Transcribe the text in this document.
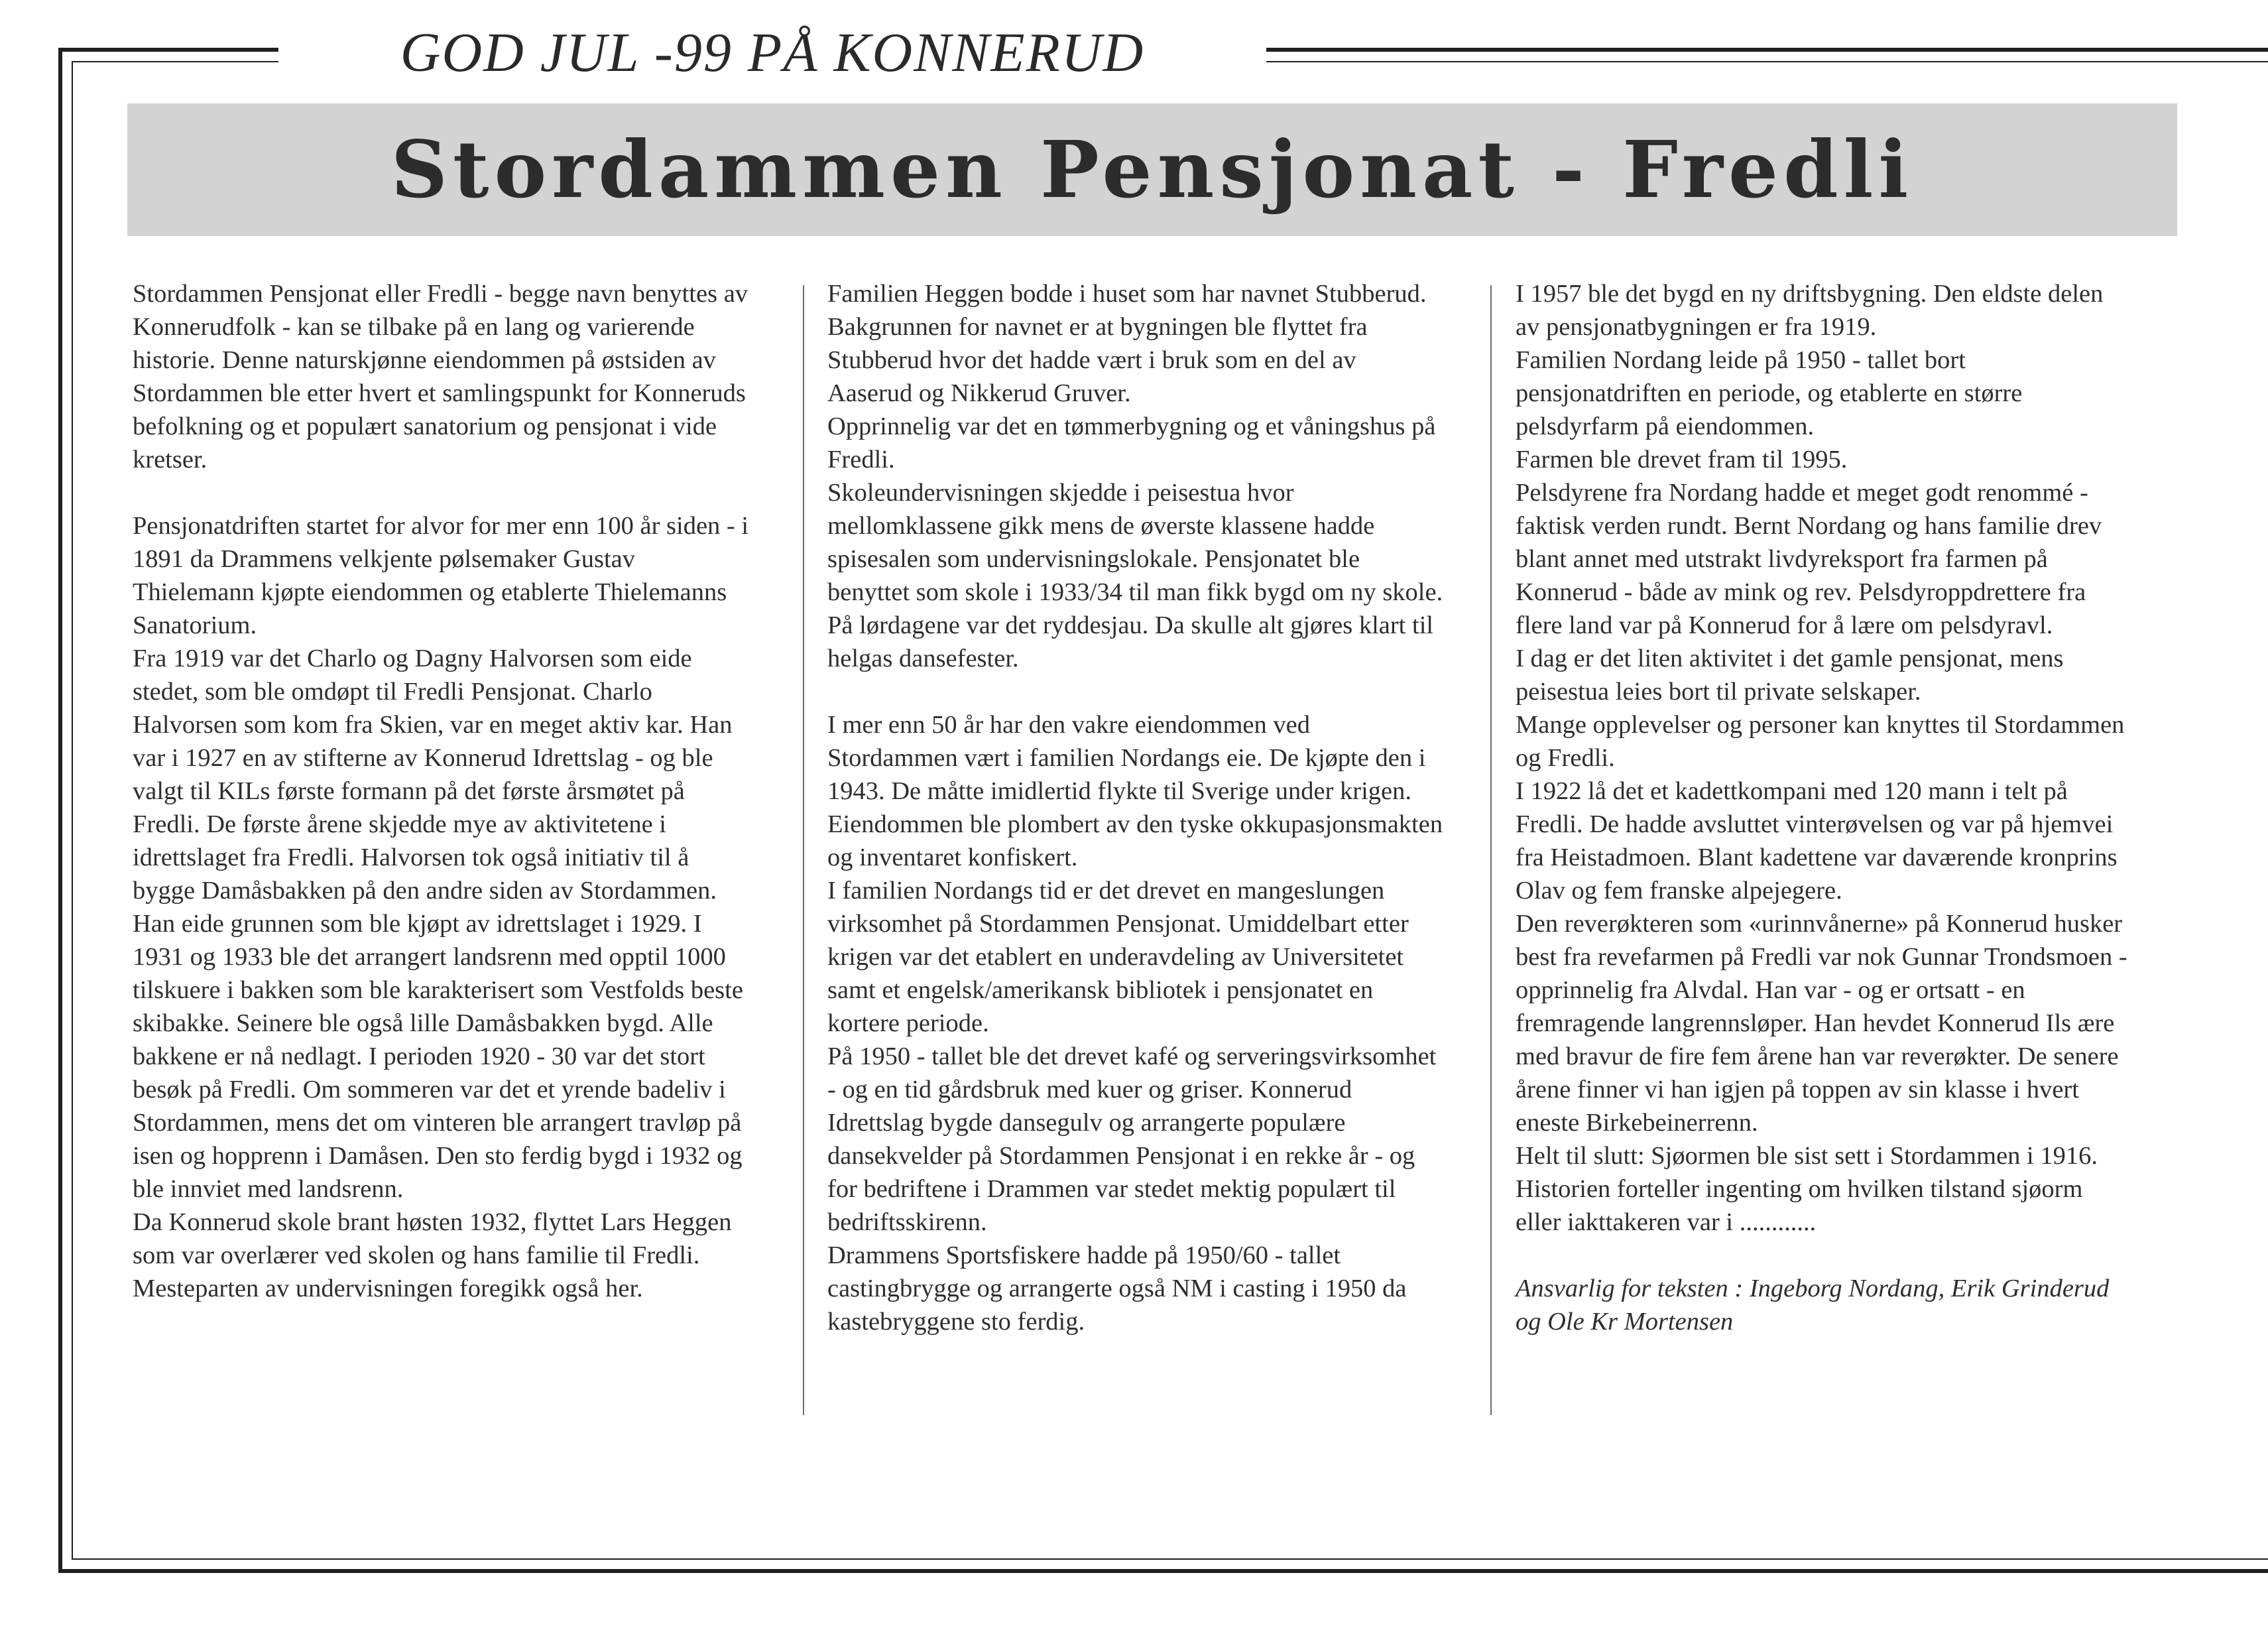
GOD JUL -99 PÅ KONNERUD
Stordammen Pensjonat - Fredli

Stordammen Pensjonat eller Fredli - begge navn benyttes av Konnerudfolk - kan se tilbake på en lang og varierende historie. Denne naturskjønne eiendommen på østsiden av Stordammen ble etter hvert et samlingspunkt for Konneruds befolkning og et populært sanatorium og pensjonat i vide kretser.

Pensjonatdriften startet for alvor for mer enn 100 år siden - i 1891 da Drammens velkjente pølsemaker Gustav Thielemann kjøpte eiendommen og etablerte Thielemanns Sanatorium.

Fra 1919 var det Charlo og Dagny Halvorsen som eide stedet, som ble omdøpt til Fredli Pensjonat. Charlo Halvorsen som kom fra Skien, var en meget aktiv kar. Han var i 1927 en av stifterne av Konnerud Idrettslag - og ble valgt til KILs første formann på det første årsmøtet på Fredli. De første årene skjedde mye av aktivitetene i idrettslaget fra Fredli. Halvorsen tok også initiativ til å bygge Damåsbakken på den andre siden av Stordammen. Han eide grunnen som ble kjøpt av idrettslaget i 1929. I 1931 og 1933 ble det arrangert landsrenn med opptil 1000 tilskuere i bakken som ble karakterisert som Vestfolds beste skibakke. Seinere ble også lille Damåsbakken bygd. Alle bakkene er nå nedlagt. I perioden 1920 - 30 var det stort besøk på Fredli. Om sommeren var det et yrende badeliv i Stordammen, mens det om vinteren ble arrangert travløp på isen og hopprenn i Damåsen. Den sto ferdig bygd i 1932 og ble innviet med landsrenn.

Da Konnerud skole brant høsten 1932, flyttet Lars Heggen som var overlærer ved skolen og hans familie til Fredli. Mesteparten av undervisningen foregikk også her.

Familien Heggen bodde i huset som har navnet Stubberud. Bakgrunnen for navnet er at bygningen ble flyttet fra Stubberud hvor det hadde vært i bruk som en del av Aaserud og Nikkerud Gruver.

Opprinnelig var det en tømmerbygning og et våningshus på Fredli.

Skoleundervisningen skjedde i peisestua hvor mellomklassene gikk mens de øverste klassene hadde spisesalen som undervisningslokale. Pensjonatet ble benyttet som skole i 1933/34 til man fikk bygd om ny skole. På lørdagene var det ryddesjau. Da skulle alt gjøres klart til helgas dansefester.

I mer enn 50 år har den vakre eiendommen ved Stordammen vært i familien Nordangs eie. De kjøpte den i 1943. De måtte imidlertid flykte til Sverige under krigen. Eiendommen ble plombert av den tyske okkupasjonsmakten og inventaret konfiskert.

I familien Nordangs tid er det drevet en mangeslungen virksomhet på Stordammen Pensjonat. Umiddelbart etter krigen var det etablert en underavdeling av Universitetet samt et engelsk/amerikansk bibliotek i pensjonatet en kortere periode.

På 1950 - tallet ble det drevet kafé og serveringsvirksomhet - og en tid gårdsbruk med kuer og griser. Konnerud Idrettslag bygde dansegulv og arrangerte populære dansekvelder på Stordammen Pensjonat i en rekke år - og for bedriftene i Drammen var stedet mektig populært til bedriftsskirenn.

Drammens Sportsfiskere hadde på 1950/60 - tallet castingbrygge og arrangerte også NM i casting i 1950 da kastebryggene sto ferdig.

I 1957 ble det bygd en ny driftsbygning. Den eldste delen av pensjonatbygningen er fra 1919.

Familien Nordang leide på 1950 - tallet bort pensjonatdriften en periode, og etablerte en større pelsdyrfarm på eiendommen.

Farmen ble drevet fram til 1995.

Pelsdyrene fra Nordang hadde et meget godt renommé - faktisk verden rundt. Bernt Nordang og hans familie drev blant annet med utstrakt livdyreksport fra farmen på Konnerud - både av mink og rev. Pelsdyroppdrettere fra flere land var på Konnerud for å lære om pelsdyravl.

I dag er det liten aktivitet i det gamle pensjonat, mens peisestua leies bort til private selskaper.

Mange opplevelser og personer kan knyttes til Stordammen og Fredli.

I 1922 lå det et kadettkompani med 120 mann i telt på Fredli. De hadde avsluttet vinterøvelsen og var på hjemvei fra Heistadmoen. Blant kadettene var daværende kronprins Olav og fem franske alpejegere.

Den reverøkteren som «urinnvånerne» på Konnerud husker best fra revefarmen på Fredli var nok Gunnar Trondsmoen - opprinnelig fra Alvdal. Han var - og er ortsatt - en fremragende langrennsløper. Han hevdet Konnerud Ils ære med bravur de fire fem årene han var reverøkter. De senere årene finner vi han igjen på toppen av sin klasse i hvert eneste Birkebeinerrenn.

Helt til slutt: Sjøormen ble sist sett i Stordammen i 1916. Historien forteller ingenting om hvilken tilstand sjøorm eller iakttakeren var i ............

Ansvarlig for teksten : Ingeborg Nordang, Erik Grinderud og Ole Kr Mortensen
